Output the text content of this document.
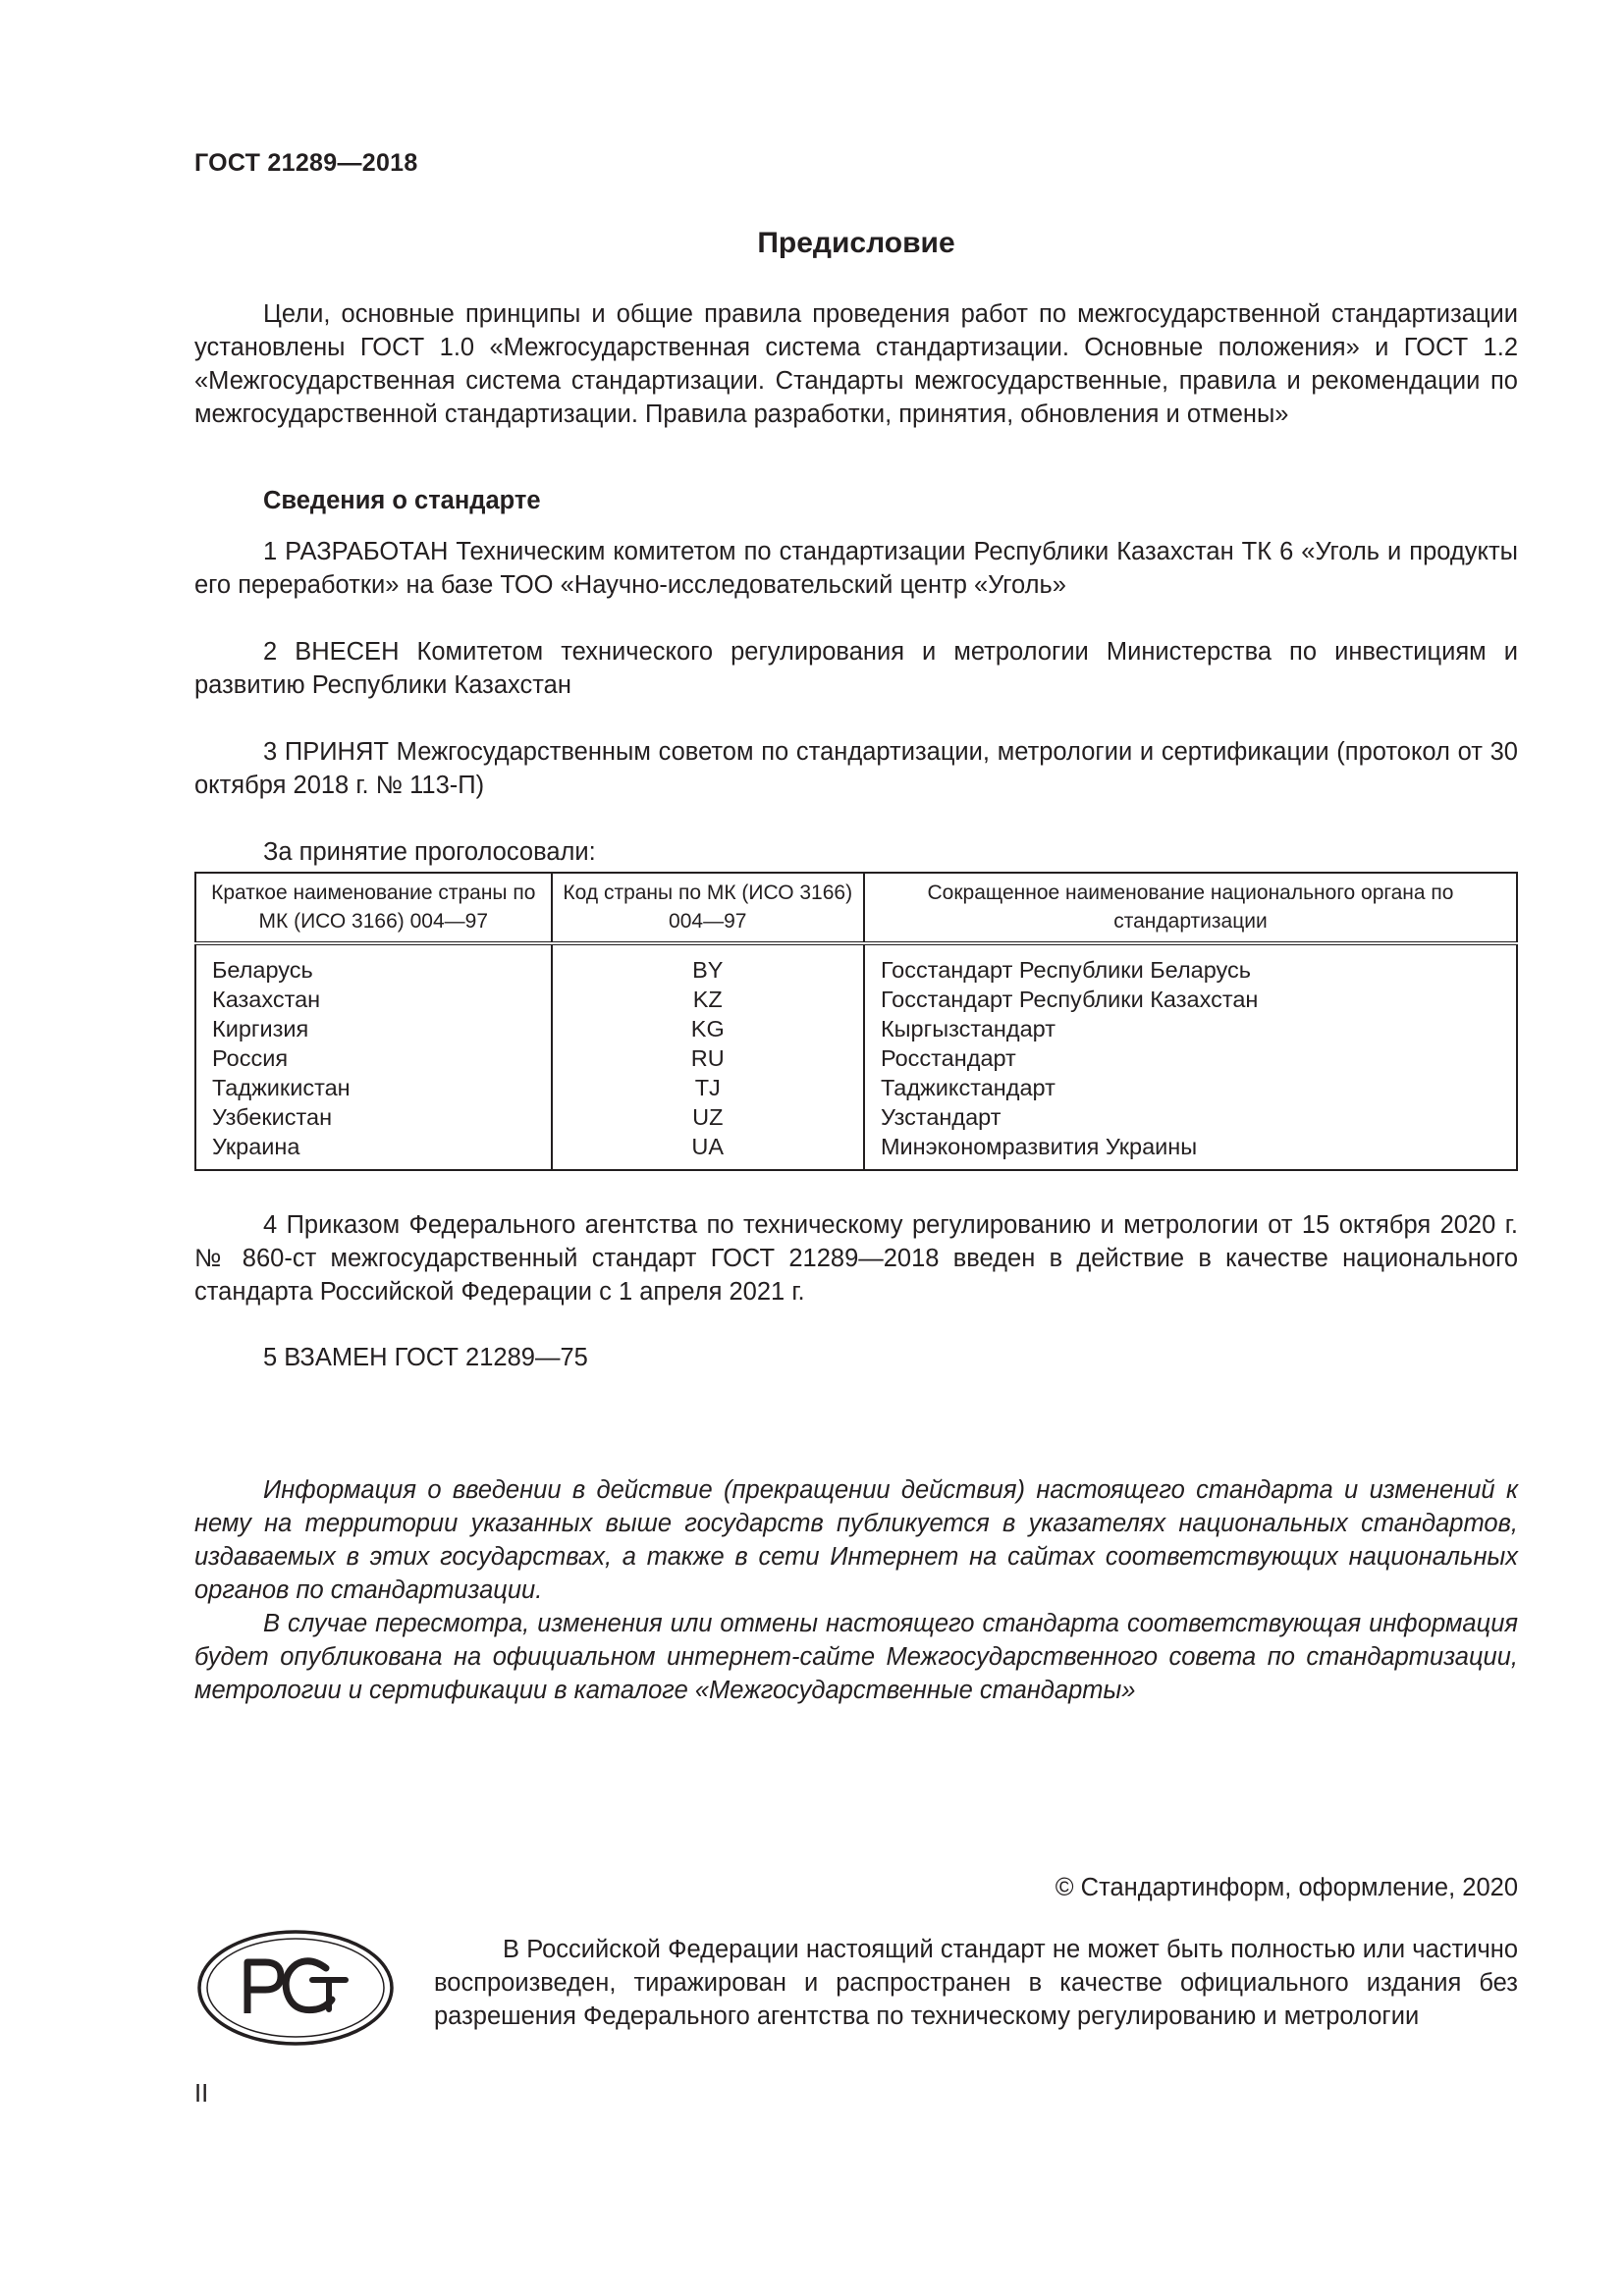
ГОСТ 21289—2018
Предисловие
Цели, основные принципы и общие правила проведения работ по межгосударственной стандартизации установлены ГОСТ 1.0 «Межгосударственная система стандартизации. Основные положения» и ГОСТ 1.2 «Межгосударственная система стандартизации. Стандарты межгосударственные, правила и рекомендации по межгосударственной стандартизации. Правила разработки, принятия, обновления и отмены»
Сведения о стандарте
1 РАЗРАБОТАН Техническим комитетом по стандартизации Республики Казахстан ТК 6 «Уголь и продукты его переработки» на базе ТОО «Научно-исследовательский центр «Уголь»
2 ВНЕСЕН Комитетом технического регулирования и метрологии Министерства по инвестициям и развитию Республики Казахстан
3 ПРИНЯТ Межгосударственным советом по стандартизации, метрологии и сертификации (протокол от 30 октября 2018 г. № 113-П)
За принятие проголосовали:
Краткое наименование страны по МК (ИСО 3166) 004—97	Код страны по МК (ИСО 3166) 004—97	Сокращенное наименование национального органа по стандартизации
Беларусь	BY	Госстандарт Республики Беларусь
Казахстан	KZ	Госстандарт Республики Казахстан
Киргизия	KG	Кыргызстандарт
Россия	RU	Росстандарт
Таджикистан	TJ	Таджикстандарт
Узбекистан	UZ	Узстандарт
Украина	UA	Минэкономразвития Украины
4 Приказом Федерального агентства по техническому регулированию и метрологии от 15 октября 2020 г. № 860-ст межгосударственный стандарт ГОСТ 21289—2018 введен в действие в качестве национального стандарта Российской Федерации с 1 апреля 2021 г.
5 ВЗАМЕН ГОСТ 21289—75
Информация о введении в действие (прекращении действия) настоящего стандарта и изменений к нему на территории указанных выше государств публикуется в указателях национальных стандартов, издаваемых в этих государствах, а также в сети Интернет на сайтах соответствующих национальных органов по стандартизации.
В случае пересмотра, изменения или отмены настоящего стандарта соответствующая информация будет опубликована на официальном интернет-сайте Межгосударственного совета по стандартизации, метрологии и сертификации в каталоге «Межгосударственные стандарты»
© Стандартинформ, оформление, 2020
В Российской Федерации настоящий стандарт не может быть полностью или частично воспроизведен, тиражирован и распространен в качестве официального издания без разрешения Федерального агентства по техническому регулированию и метрологии
II
